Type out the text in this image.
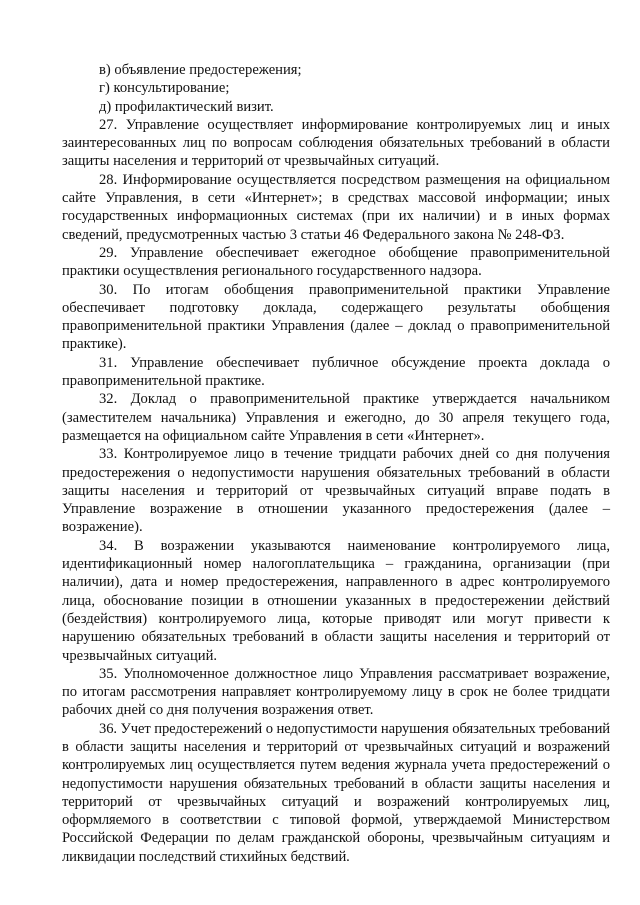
в) объявление предостережения;
г) консультирование;
д) профилактический визит.

27. Управление осуществляет информирование контролируемых лиц и иных заинтересованных лиц по вопросам соблюдения обязательных требований в области защиты населения и территорий от чрезвычайных ситуаций.

28. Информирование осуществляется посредством размещения на официальном сайте Управления, в сети «Интернет»; в средствах массовой информации; иных государственных информационных системах (при их наличии) и в иных формах сведений, предусмотренных частью 3 статьи 46 Федерального закона № 248-ФЗ.

29. Управление обеспечивает ежегодное обобщение правоприменительной практики осуществления регионального государственного надзора.

30. По итогам обобщения правоприменительной практики Управление обеспечивает подготовку доклада, содержащего результаты обобщения правоприменительной практики Управления (далее – доклад о правоприменительной практике).

31. Управление обеспечивает публичное обсуждение проекта доклада о правоприменительной практике.

32. Доклад о правоприменительной практике утверждается начальником (заместителем начальника) Управления и ежегодно, до 30 апреля текущего года, размещается на официальном сайте Управления в сети «Интернет».

33. Контролируемое лицо в течение тридцати рабочих дней со дня получения предостережения о недопустимости нарушения обязательных требований в области защиты населения и территорий от чрезвычайных ситуаций вправе подать в Управление возражение в отношении указанного предостережения (далее – возражение).

34. В возражении указываются наименование контролируемого лица, идентификационный номер налогоплательщика – гражданина, организации (при наличии), дата и номер предостережения, направленного в адрес контролируемого лица, обоснование позиции в отношении указанных в предостережении действий (бездействия) контролируемого лица, которые приводят или могут привести к нарушению обязательных требований в области защиты населения и территорий от чрезвычайных ситуаций.

35. Уполномоченное должностное лицо Управления рассматривает возражение, по итогам рассмотрения направляет контролируемому лицу в срок не более тридцати рабочих дней со дня получения возражения ответ.

36. Учет предостережений о недопустимости нарушения обязательных требований в области защиты населения и территорий от чрезвычайных ситуаций и возражений контролируемых лиц осуществляется путем ведения журнала учета предостережений о недопустимости нарушения обязательных требований в области защиты населения и территорий от чрезвычайных ситуаций и возражений контролируемых лиц, оформляемого в соответствии с типовой формой, утверждаемой Министерством Российской Федерации по делам гражданской обороны, чрезвычайным ситуациям и ликвидации последствий стихийных бедствий.
